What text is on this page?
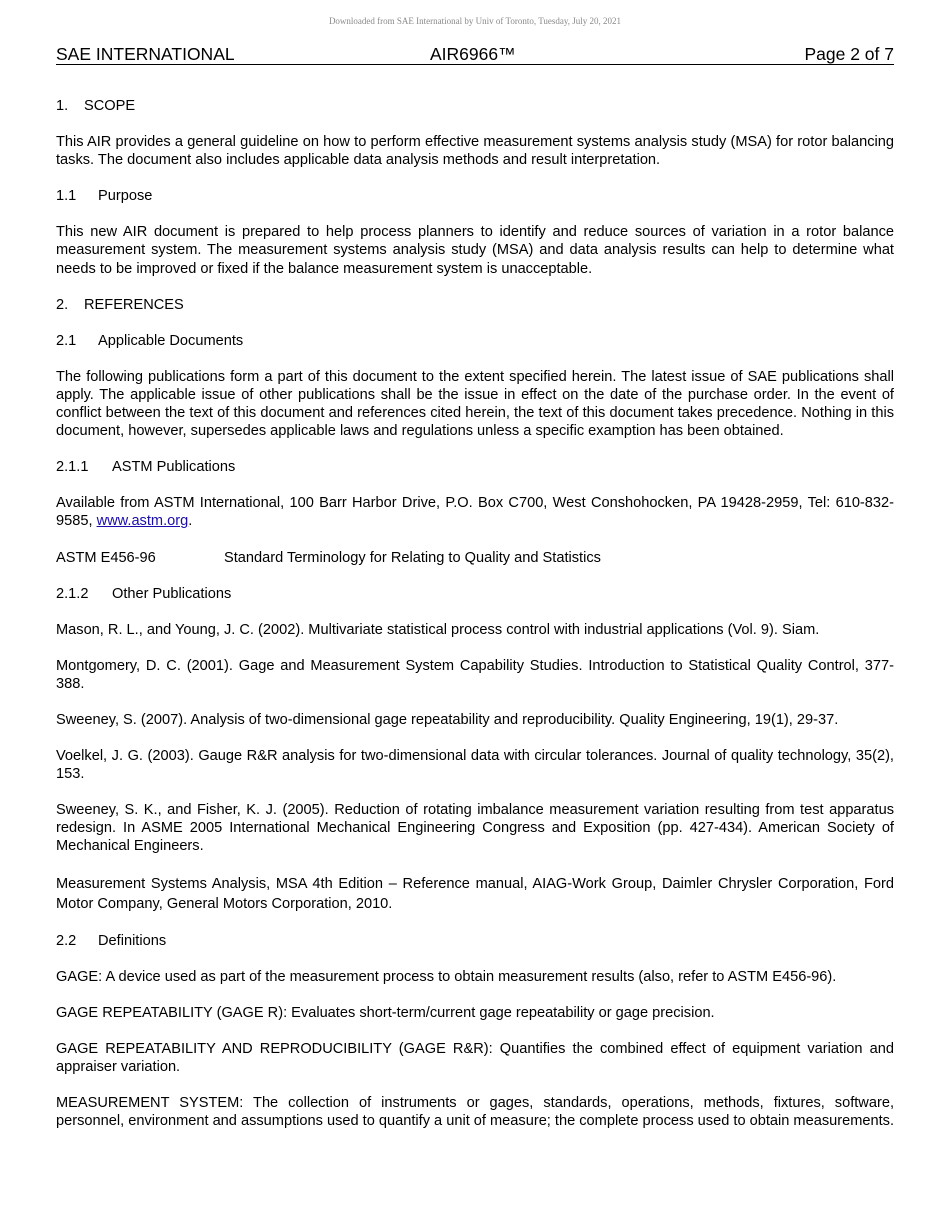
Downloaded from SAE International by Univ of Toronto, Tuesday, July 20, 2021
SAE INTERNATIONAL	AIR6966™	Page 2 of 7
1. SCOPE

This AIR provides a general guideline on how to perform effective measurement systems analysis study (MSA) for rotor balancing tasks. The document also includes applicable data analysis methods and result interpretation.

1.1 Purpose

This new AIR document is prepared to help process planners to identify and reduce sources of variation in a rotor balance measurement system. The measurement systems analysis study (MSA) and data analysis results can help to determine what needs to be improved or fixed if the balance measurement system is unacceptable.

2. REFERENCES
2.1 Applicable Documents

The following publications form a part of this document to the extent specified herein. The latest issue of SAE publications shall apply. The applicable issue of other publications shall be the issue in effect on the date of the purchase order. In the event of conflict between the text of this document and references cited herein, the text of this document takes precedence. Nothing in this document, however, supersedes applicable laws and regulations unless a specific examption has been obtained.

2.1.1 ASTM Publications

Available from ASTM International, 100 Barr Harbor Drive, P.O. Box C700, West Conshohocken, PA 19428-2959, Tel: 610-832-9585, www.astm.org.

ASTM E456-96	Standard Terminology for Relating to Quality and Statistics
2.1.2 Other Publications

Mason, R. L., and Young, J. C. (2002). Multivariate statistical process control with industrial applications (Vol. 9). Siam.

Montgomery, D. C. (2001). Gage and Measurement System Capability Studies. Introduction to Statistical Quality Control, 377-388.

Sweeney, S. (2007). Analysis of two-dimensional gage repeatability and reproducibility. Quality Engineering, 19(1), 29-37.

Voelkel, J. G. (2003). Gauge R&R analysis for two-dimensional data with circular tolerances. Journal of quality technology, 35(2), 153.

Sweeney, S. K., and Fisher, K. J. (2005). Reduction of rotating imbalance measurement variation resulting from test apparatus redesign. In ASME 2005 International Mechanical Engineering Congress and Exposition (pp. 427-434). American Society of Mechanical Engineers.

Measurement Systems Analysis, MSA 4th Edition – Reference manual, AIAG-Work Group, Daimler Chrysler Corporation, Ford Motor Company, General Motors Corporation, 2010.

2.2 Definitions

GAGE: A device used as part of the measurement process to obtain measurement results (also, refer to ASTM E456-96).

GAGE REPEATABILITY (GAGE R): Evaluates short-term/current gage repeatability or gage precision.

GAGE REPEATABILITY AND REPRODUCIBILITY (GAGE R&R): Quantifies the combined effect of equipment variation and appraiser variation.

MEASUREMENT SYSTEM: The collection of instruments or gages, standards, operations, methods, fixtures, software, personnel, environment and assumptions used to quantify a unit of measure; the complete process used to obtain measurements.
